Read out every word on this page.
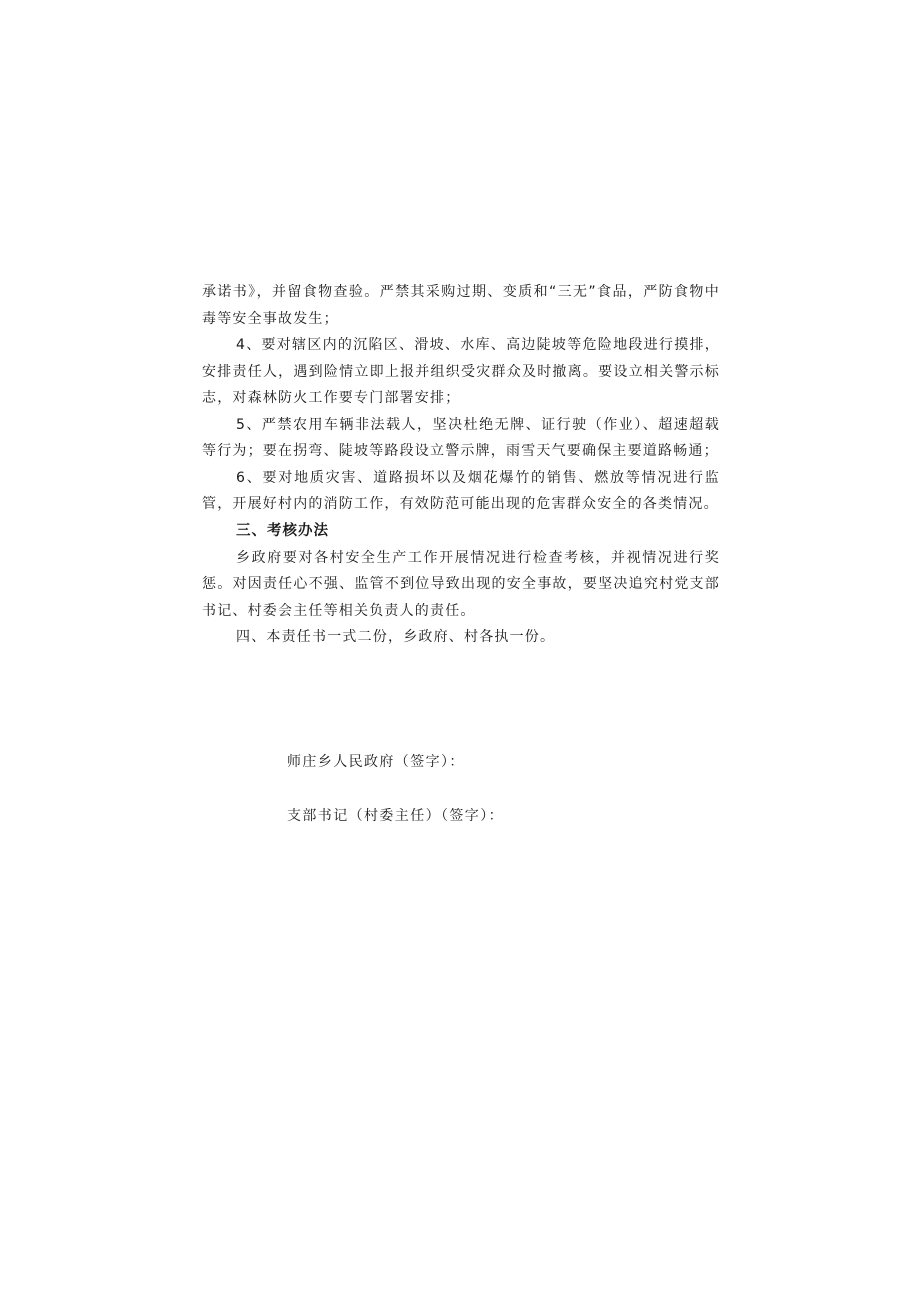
承诺书》，并留食物查验。严禁其采购过期、变质和“三无”食品，严防食物中毒等安全事故发生；

4、要对辖区内的沉陷区、滑坡、水库、高边陡坡等危险地段进行摸排，安排责任人，遇到险情立即上报并组织受灾群众及时撤离。要设立相关警示标志，对森林防火工作要专门部署安排；

5、严禁农用车辆非法载人，坚决杜绝无牌、证行驶（作业）、超速超载等行为；要在拐弯、陡坡等路段设立警示牌，雨雪天气要确保主要道路畅通；

6、要对地质灾害、道路损坏以及烟花爆竹的销售、燃放等情况进行监管，开展好村内的消防工作，有效防范可能出现的危害群众安全的各类情况。

三、考核办法

乡政府要对各村安全生产工作开展情况进行检查考核，并视情况进行奖惩。对因责任心不强、监管不到位导致出现的安全事故，要坚决追究村党支部书记、村委会主任等相关负责人的责任。

四、本责任书一式二份，乡政府、村各执一份。

师庄乡人民政府（签字）：
支部书记（村委主任）（签字）：
